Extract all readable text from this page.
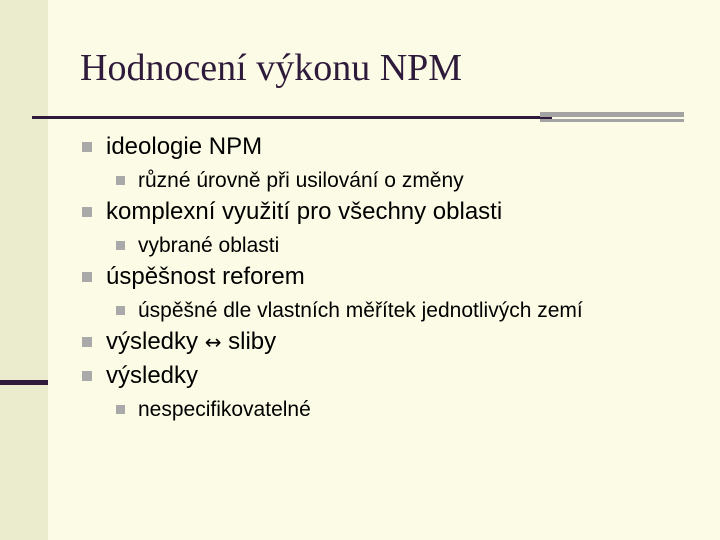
Hodnocení výkonu NPM
ideologie NPM
různé úrovně při usilování o změny
komplexní využití pro všechny oblasti
vybrané oblasti
úspěšnost reforem
úspěšné dle vlastních měřítek jednotlivých zemí
výsledky ↔ sliby
výsledky
nespecifikovatelné
